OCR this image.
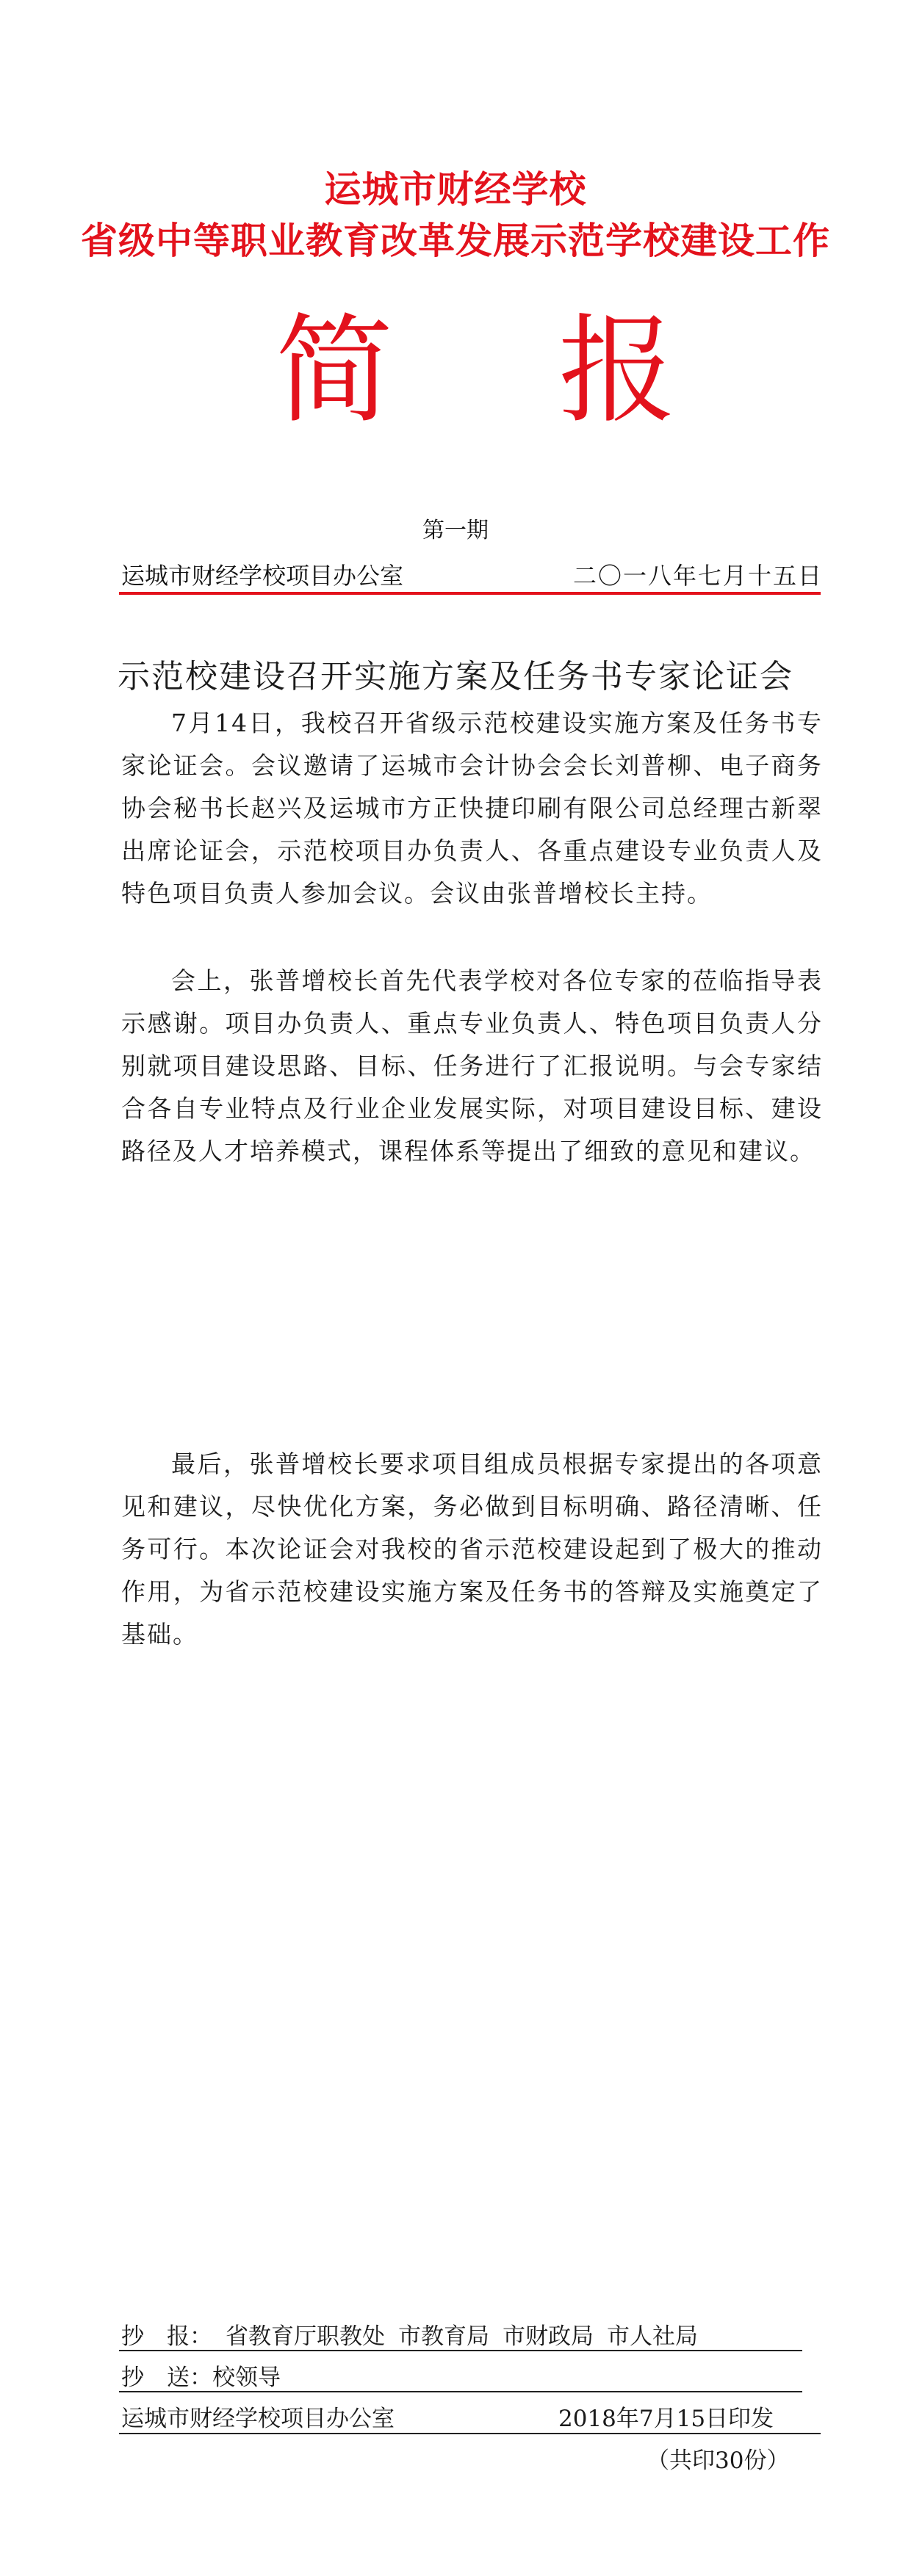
运城市财经学校
省级中等职业教育改革发展示范学校建设工作
简 报
第一期
运城市财经学校项目办公室	二〇一八年七月十五日
示范校建设召开实施方案及任务书专家论证会
7月14日，我校召开省级示范校建设实施方案及任务书专家论证会。会议邀请了运城市会计协会会长刘普柳、电子商务协会秘书长赵兴及运城市方正快捷印刷有限公司总经理古新翠出席论证会，示范校项目办负责人、各重点建设专业负责人及特色项目负责人参加会议。会议由张普增校长主持。
会上，张普增校长首先代表学校对各位专家的莅临指导表示感谢。项目办负责人、重点专业负责人、特色项目负责人分别就项目建设思路、目标、任务进行了汇报说明。与会专家结合各自专业特点及行业企业发展实际，对项目建设目标、建设路径及人才培养模式，课程体系等提出了细致的意见和建议。
最后，张普增校长要求项目组成员根据专家提出的各项意见和建议，尽快优化方案，务必做到目标明确、路径清晰、任务可行。本次论证会对我校的省示范校建设起到了极大的推动作用，为省示范校建设实施方案及任务书的答辩及实施奠定了基础。
抄　报： 省教育厅职教处 市教育局 市财政局 市人社局
抄　送：校领导
运城市财经学校项目办公室	2018年7月15日印发
（共印30份）
